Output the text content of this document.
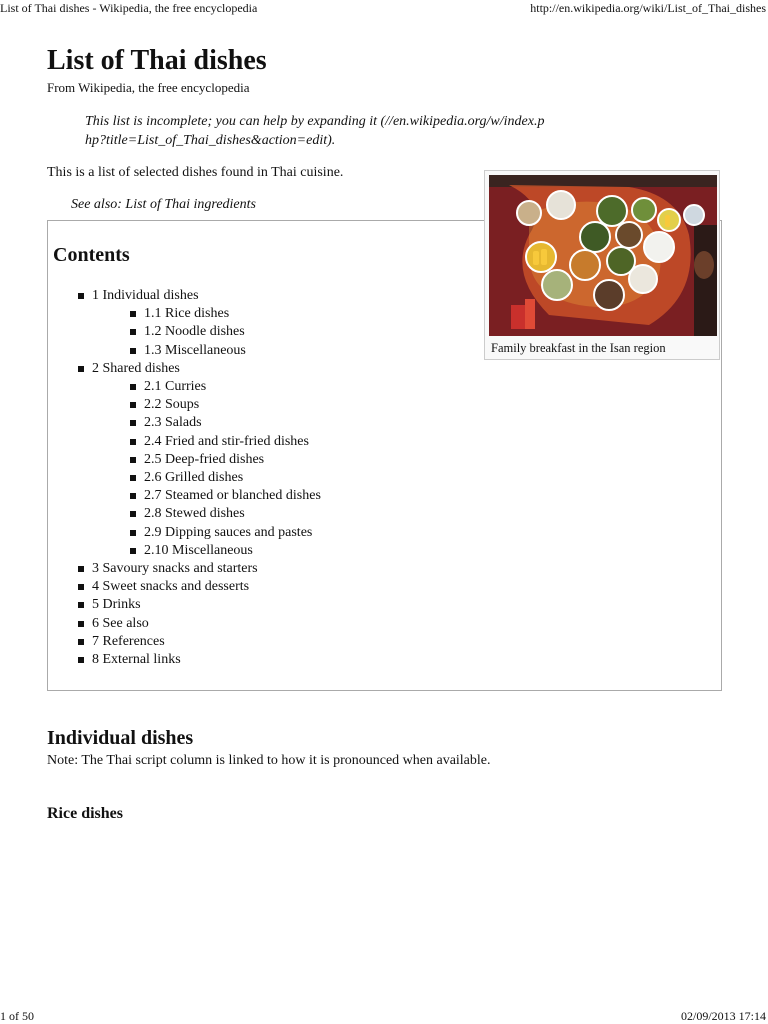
List of Thai dishes - Wikipedia, the free encyclopedia	http://en.wikipedia.org/wiki/List_of_Thai_dishes
List of Thai dishes
From Wikipedia, the free encyclopedia
This list is incomplete; you can help by expanding it (//en.wikipedia.org/w/index.php?title=List_of_Thai_dishes&action=edit).
This is a list of selected dishes found in Thai cuisine.
See also: List of Thai ingredients
Contents
1 Individual dishes
1.1 Rice dishes
1.2 Noodle dishes
1.3 Miscellaneous
2 Shared dishes
2.1 Curries
2.2 Soups
2.3 Salads
2.4 Fried and stir-fried dishes
2.5 Deep-fried dishes
2.6 Grilled dishes
2.7 Steamed or blanched dishes
2.8 Stewed dishes
2.9 Dipping sauces and pastes
2.10 Miscellaneous
3 Savoury snacks and starters
4 Sweet snacks and desserts
5 Drinks
6 See also
7 References
8 External links
Family breakfast in the Isan region
Individual dishes
Note: The Thai script column is linked to how it is pronounced when available.
Rice dishes
1 of 50	02/09/2013 17:14
